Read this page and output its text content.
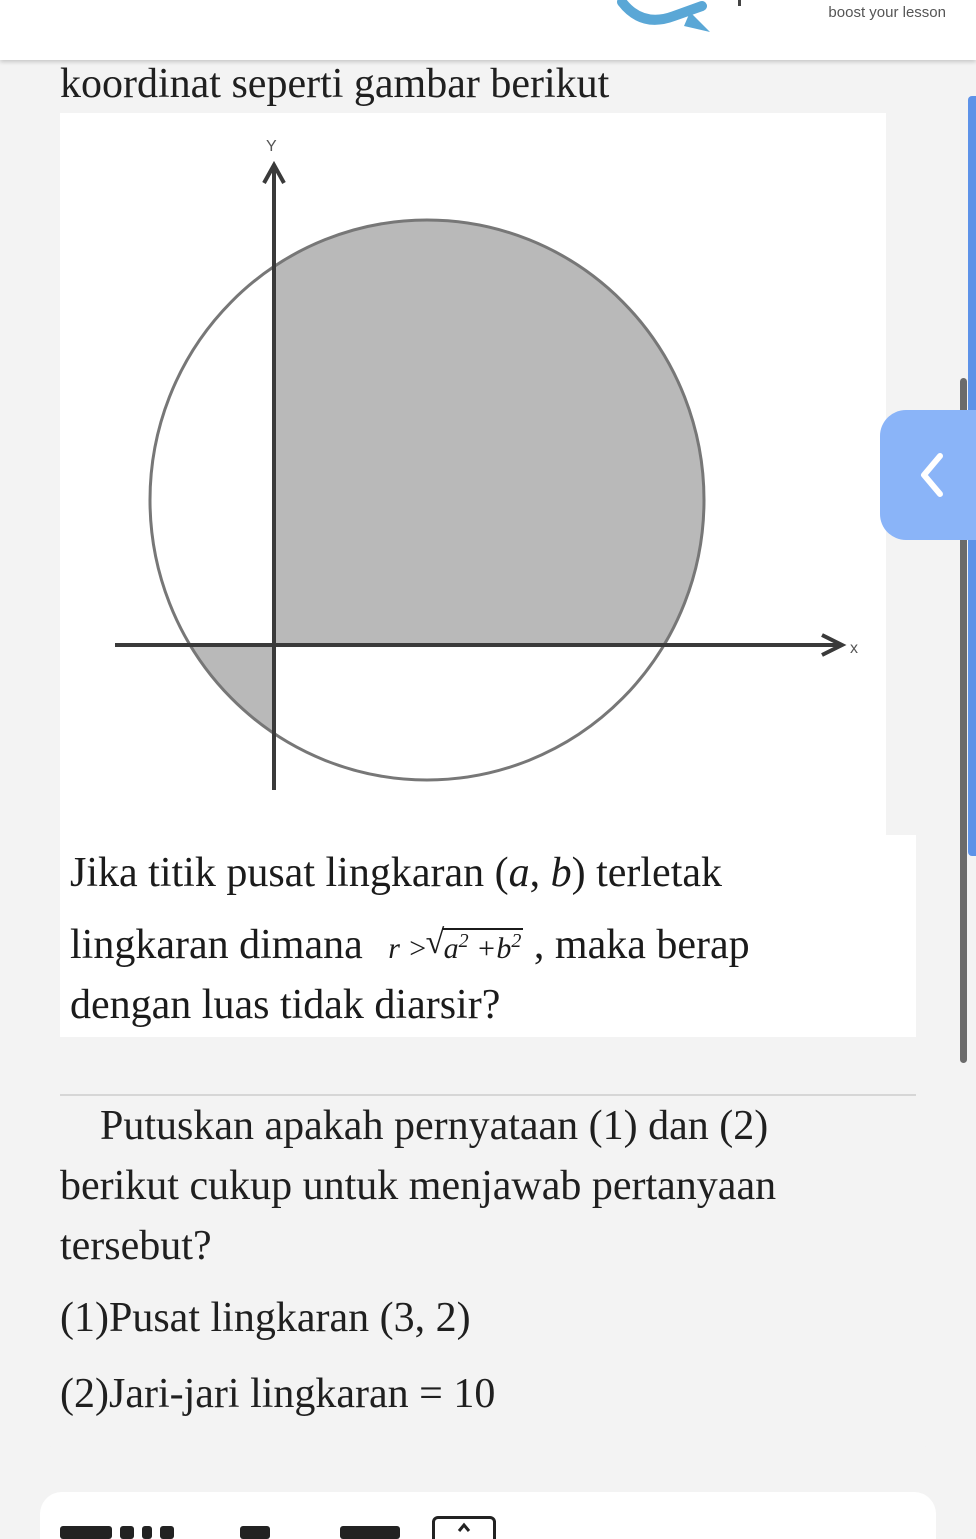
boost your lesson
koordinat seperti gambar berikut
x
Y
Jika titik pusat lingkaran (a, b) terletak
lingkaran dimana r >√ $a^2 +b^2$ , maka berap
dengan luas tidak diarsir?
Putuskan apakah pernyataan (1) dan (2)
berikut cukup untuk menjawab pertanyaan
tersebut?
(1)Pusat lingkaran (3, 2)
(2)Jari-jari lingkaran = 10
